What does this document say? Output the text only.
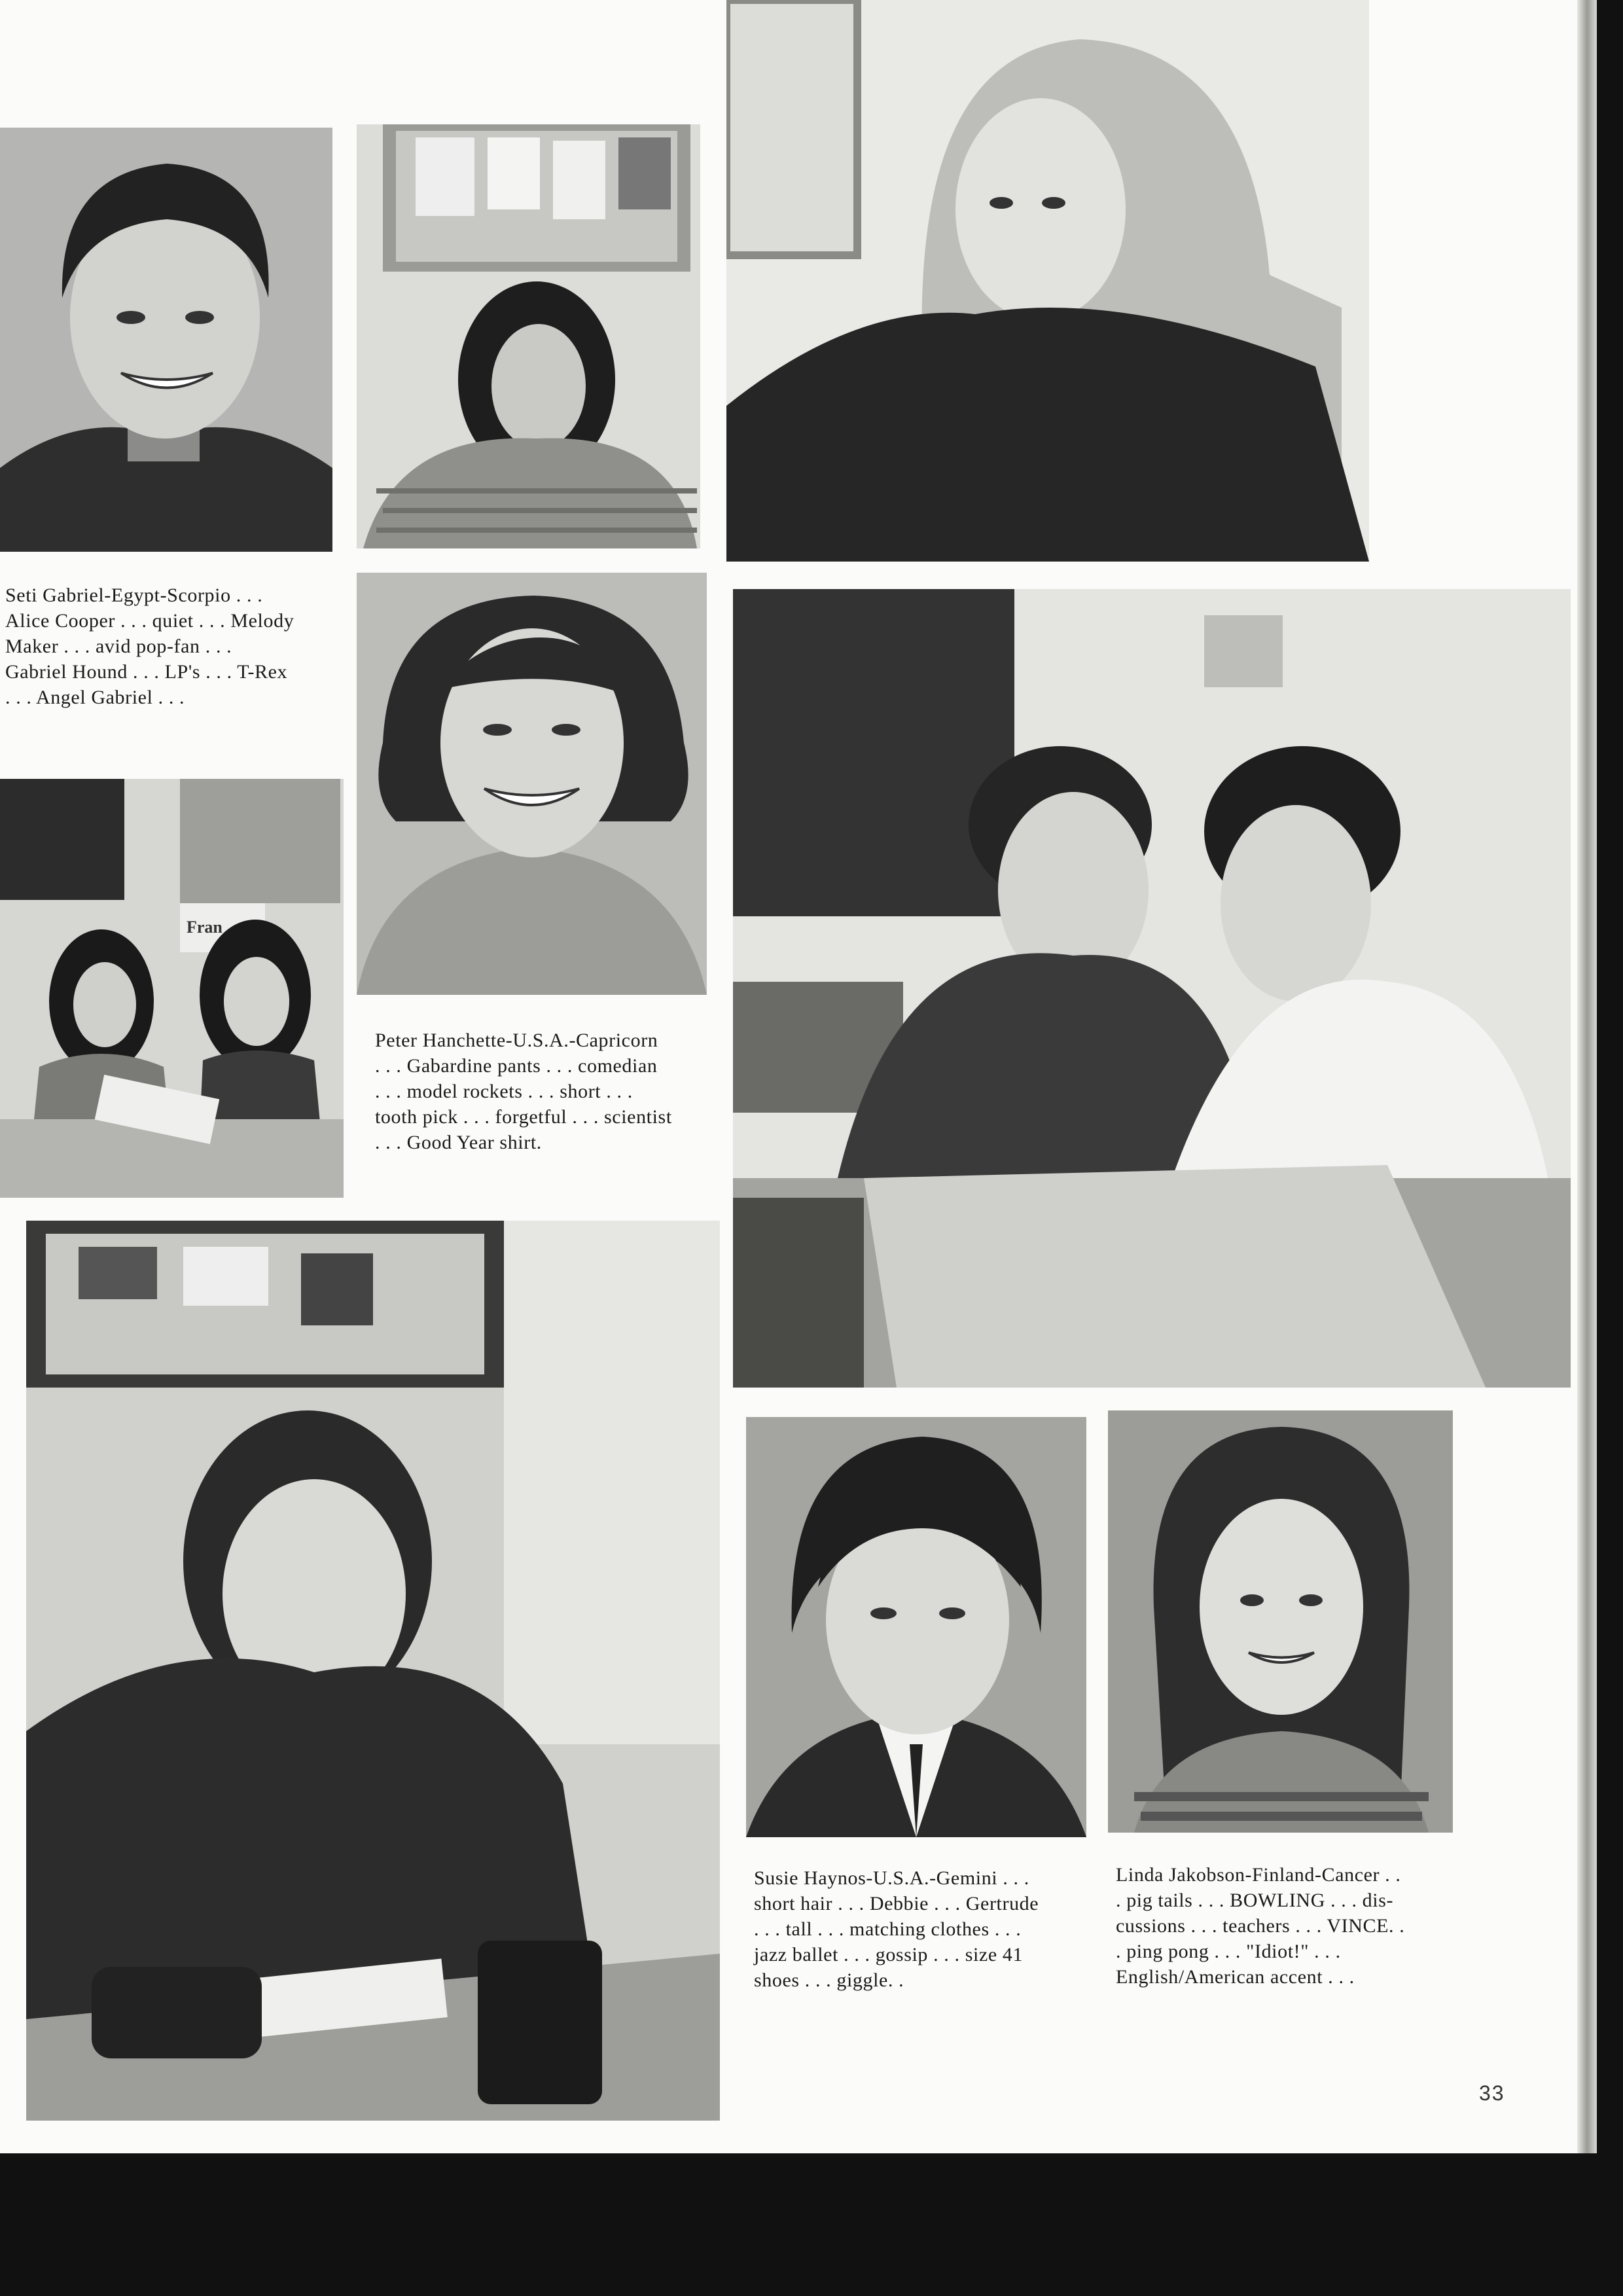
Seti Gabriel-Egypt-Scorpio . . .
Alice Cooper . . . quiet . . . Melody
Maker . . . avid pop-fan . . .
Gabriel Hound . . . LP's . . . T-Rex
. . . Angel Gabriel . . .
Fran
Peter Hanchette-U.S.A.-Capricorn
. . . Gabardine pants . . . comedian
. . . model rockets . . . short . . .
tooth pick . . . forgetful . . . scientist
. . . Good Year shirt.
Susie Haynos-U.S.A.-Gemini . . .
short hair . . . Debbie . . . Gertrude
. . . tall . . . matching clothes . . .
jazz ballet . . . gossip . . . size 41
shoes . . . giggle. .
Linda Jakobson-Finland-Cancer . .
. pig tails . . . BOWLING . . . dis-
cussions . . . teachers . . . VINCE. .
. ping pong . . . "Idiot!" . . .
English/American accent . . .
33
